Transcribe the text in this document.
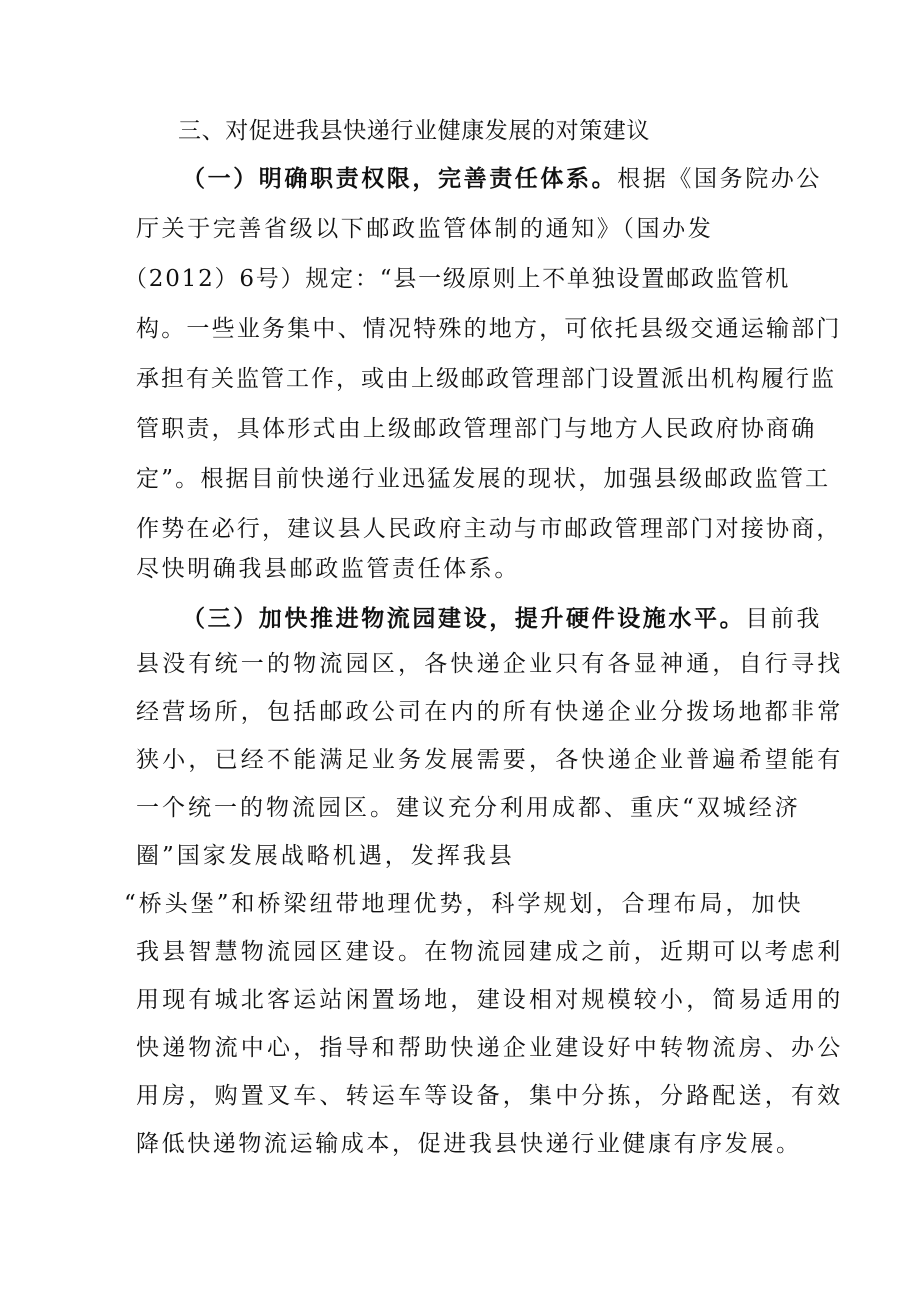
三、对促进我县快递行业健康发展的对策建议
（一）明确职责权限，完善责任体系。根据《国务院办公
厅关于完善省级以下邮政监管体制的通知》（国办发
（2012）6号）规定：“县一级原则上不单独设置邮政监管机
构。一些业务集中、情况特殊的地方，可依托县级交通运输部门
承担有关监管工作，或由上级邮政管理部门设置派出机构履行监
管职责，具体形式由上级邮政管理部门与地方人民政府协商确
定”。根据目前快递行业迅猛发展的现状，加强县级邮政监管工
作势在必行，建议县人民政府主动与市邮政管理部门对接协商，
尽快明确我县邮政监管责任体系。
（三）加快推进物流园建设，提升硬件设施水平。目前我
县没有统一的物流园区，各快递企业只有各显神通，自行寻找
经营场所，包括邮政公司在内的所有快递企业分拨场地都非常
狭小，已经不能满足业务发展需要，各快递企业普遍希望能有
一个统一的物流园区。建议充分利用成都、重庆“双城经济
圈”国家发展战略机遇，发挥我县
“桥头堡”和桥梁纽带地理优势，科学规划，合理布局，加快
我县智慧物流园区建设。在物流园建成之前，近期可以考虑利
用现有城北客运站闲置场地，建设相对规模较小，简易适用的
快递物流中心，指导和帮助快递企业建设好中转物流房、办公
用房，购置叉车、转运车等设备，集中分拣，分路配送，有效
降低快递物流运输成本，促进我县快递行业健康有序发展。
